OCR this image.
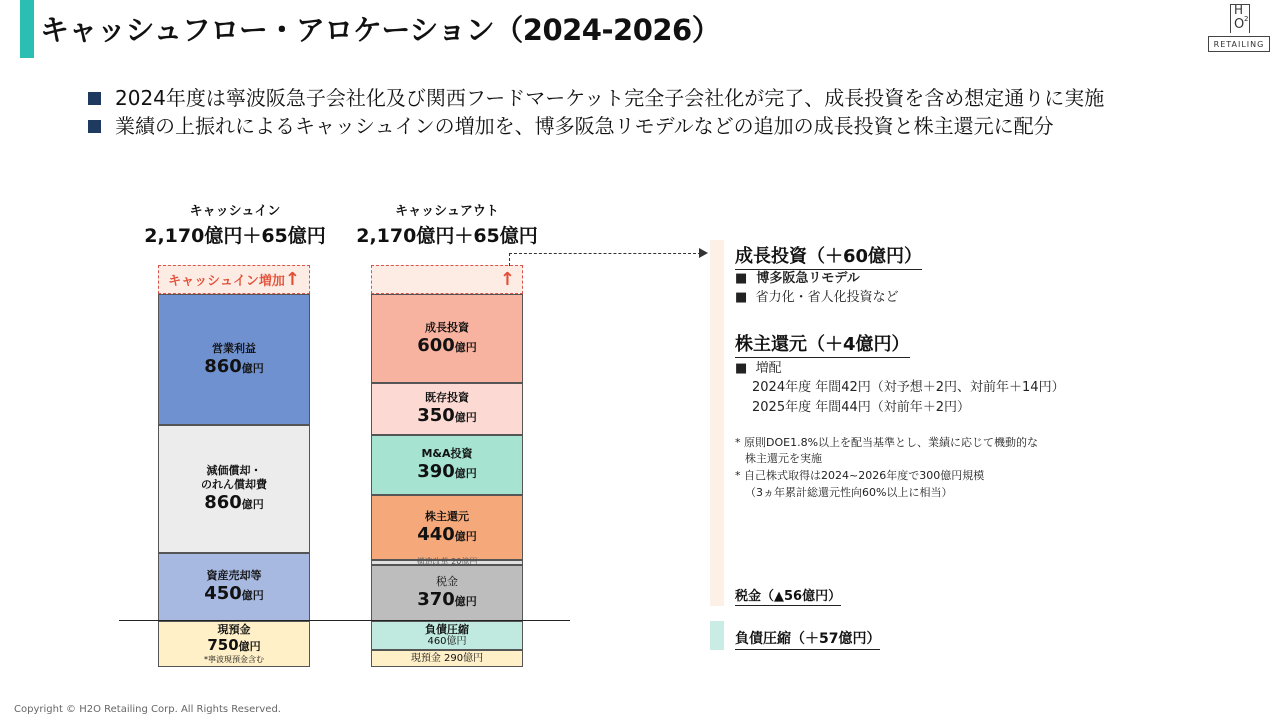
キャッシュフロー・アロケーション（2024-2026）
H
2
O
RETAILING
2024年度は寧波阪急子会社化及び関西フードマーケット完全子会社化が完了、成長投資を含め想定通りに実施
業績の上振れによるキャッシュインの増加を、博多阪急リモデルなどの追加の成長投資と株主還元に配分
キャッシュイン
2,170億円＋65億円
キャッシュアウト
2,170億円＋65億円
キャッシュイン増加 ↑
営業利益
860億円
減価償却・
のれん償却費
860億円
資産売却等
450億円
現預金
750億円
*寧波現預金含む
↑
成長投資
600億円
既存投資
350億円
M&A投資
390億円
株主還元
440億円
構造改革 20億円
税金
370億円
負債圧縮
460億円
現預金 290億円
成長投資（＋60億円）
■ 博多阪急リモデル
■ 省力化・省人化投資など
株主還元（＋4億円）
■ 増配
2024年度 年間42円（対予想＋2円、対前年＋14円）
2025年度 年間44円（対前年＋2円）
* 原則DOE1.8%以上を配当基準とし、業績に応じて機動的な
株主還元を実施
* 自己株式取得は2024~2026年度で300億円規模
（3ヵ年累計総還元性向60%以上に相当）
税金（▲56億円）
負債圧縮（＋57億円）
Copyright © H2O Retailing Corp. All Rights Reserved.
